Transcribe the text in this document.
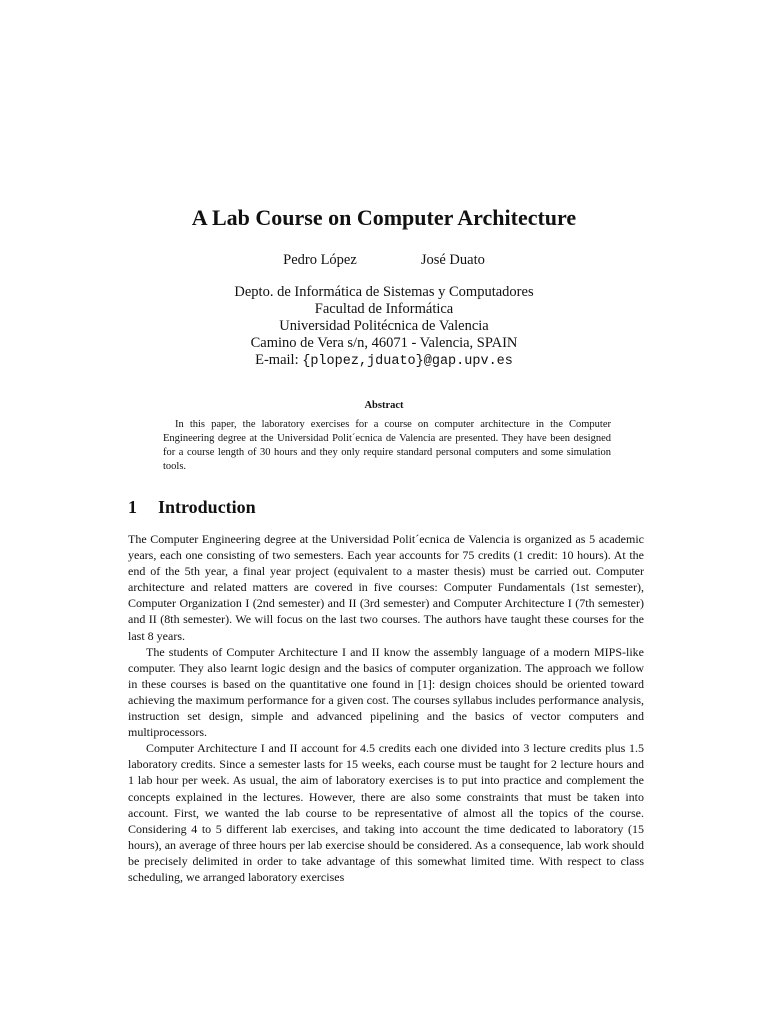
A Lab Course on Computer Architecture
Pedro López	José Duato
Depto. de Informática de Sistemas y Computadores
Facultad de Informática
Universidad Politécnica de Valencia
Camino de Vera s/n, 46071 - Valencia, SPAIN
E-mail: {plopez,jduato}@gap.upv.es
Abstract

In this paper, the laboratory exercises for a course on computer architecture in the Computer Engineering degree at the Universidad Polit´ecnica de Valencia are presented. They have been designed for a course length of 30 hours and they only require standard personal computers and some simulation tools.

1 Introduction

The Computer Engineering degree at the Universidad Polit´ecnica de Valencia is organized as 5 academic years, each one consisting of two semesters. Each year accounts for 75 credits (1 credit: 10 hours). At the end of the 5th year, a final year project (equivalent to a master thesis) must be carried out. Computer architecture and related matters are covered in five courses: Computer Fundamentals (1st semester), Computer Organization I (2nd semester) and II (3rd semester) and Computer Architecture I (7th semester) and II (8th semester). We will focus on the last two courses. The authors have taught these courses for the last 8 years.

The students of Computer Architecture I and II know the assembly language of a modern MIPS-like computer. They also learnt logic design and the basics of computer organization. The approach we follow in these courses is based on the quantitative one found in [1]: design choices should be oriented toward achieving the maximum performance for a given cost. The courses syllabus includes performance analysis, instruction set design, simple and advanced pipelining and the basics of vector computers and multiprocessors.

Computer Architecture I and II account for 4.5 credits each one divided into 3 lecture credits plus 1.5 laboratory credits. Since a semester lasts for 15 weeks, each course must be taught for 2 lecture hours and 1 lab hour per week. As usual, the aim of laboratory exercises is to put into practice and complement the concepts explained in the lectures. However, there are also some constraints that must be taken into account. First, we wanted the lab course to be representative of almost all the topics of the course. Considering 4 to 5 different lab exercises, and taking into account the time dedicated to laboratory (15 hours), an average of three hours per lab exercise should be considered. As a consequence, lab work should be precisely delimited in order to take advantage of this somewhat limited time. With respect to class scheduling, we arranged laboratory exercises
